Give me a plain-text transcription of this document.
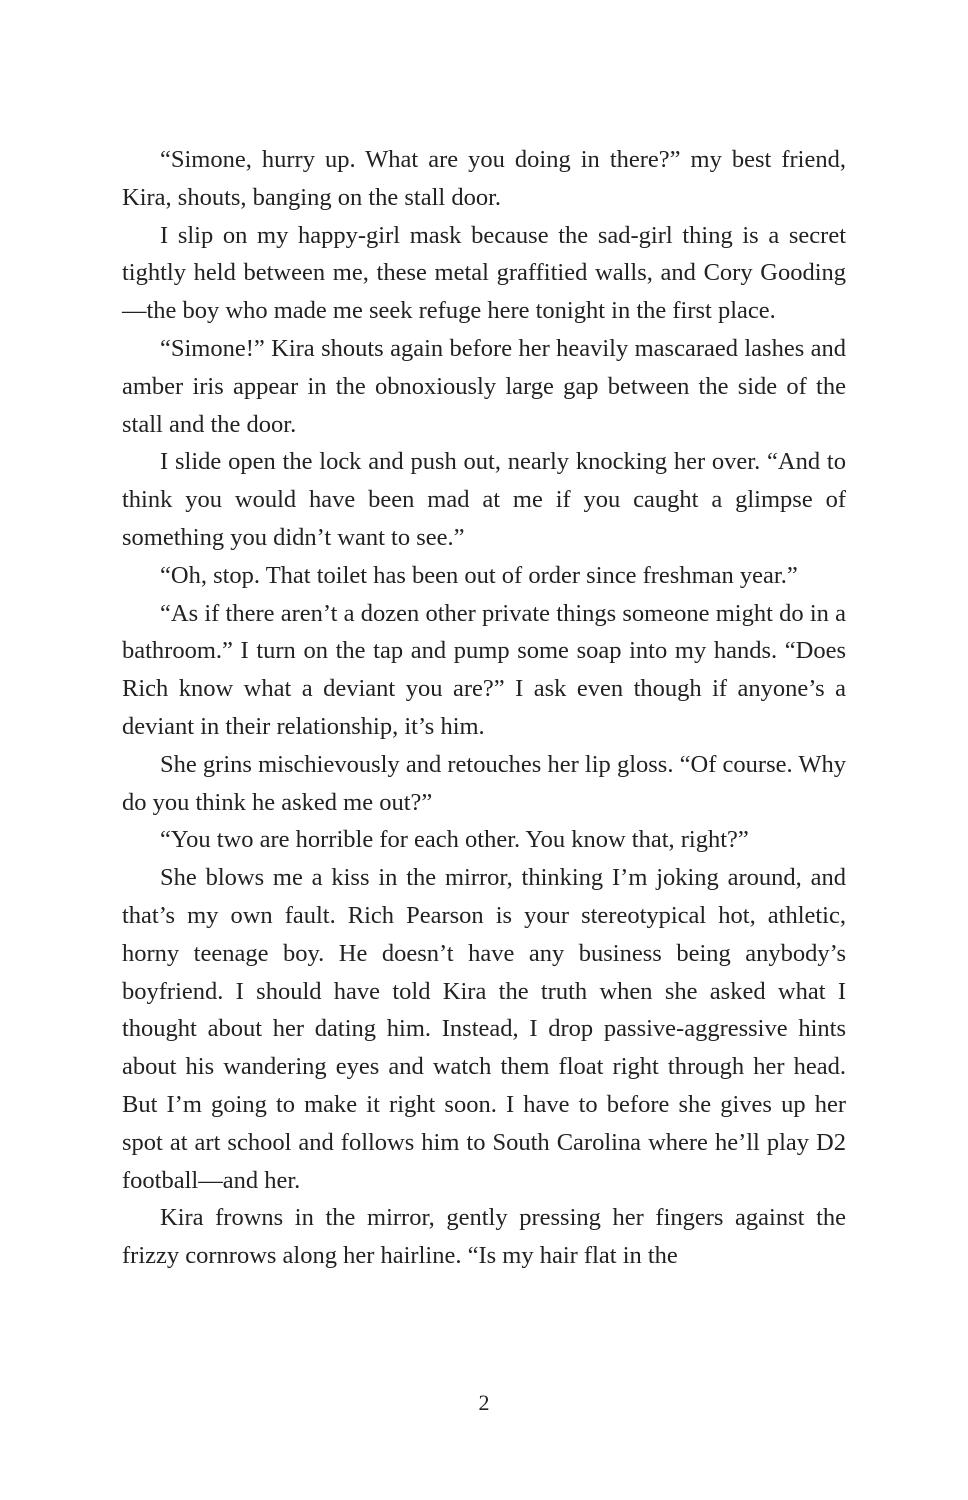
“Simone, hurry up. What are you doing in there?” my best friend, Kira, shouts, banging on the stall door.

I slip on my happy-girl mask because the sad-girl thing is a secret tightly held between me, these metal graffitied walls, and Cory Gooding—the boy who made me seek refuge here tonight in the first place.

“Simone!” Kira shouts again before her heavily mascaraed lashes and amber iris appear in the obnoxiously large gap between the side of the stall and the door.

I slide open the lock and push out, nearly knocking her over. “And to think you would have been mad at me if you caught a glimpse of something you didn’t want to see.”

“Oh, stop. That toilet has been out of order since freshman year.”

“As if there aren’t a dozen other private things someone might do in a bathroom.” I turn on the tap and pump some soap into my hands. “Does Rich know what a deviant you are?” I ask even though if anyone’s a deviant in their relationship, it’s him.

She grins mischievously and retouches her lip gloss. “Of course. Why do you think he asked me out?”

“You two are horrible for each other. You know that, right?”

She blows me a kiss in the mirror, thinking I’m joking around, and that’s my own fault. Rich Pearson is your stereotypical hot, athletic, horny teenage boy. He doesn’t have any business being anybody’s boyfriend. I should have told Kira the truth when she asked what I thought about her dating him. Instead, I drop passive-aggressive hints about his wandering eyes and watch them float right through her head. But I’m going to make it right soon. I have to before she gives up her spot at art school and follows him to South Carolina where he’ll play D2 football—and her.

Kira frowns in the mirror, gently pressing her fingers against the frizzy cornrows along her hairline. “Is my hair flat in the

2
